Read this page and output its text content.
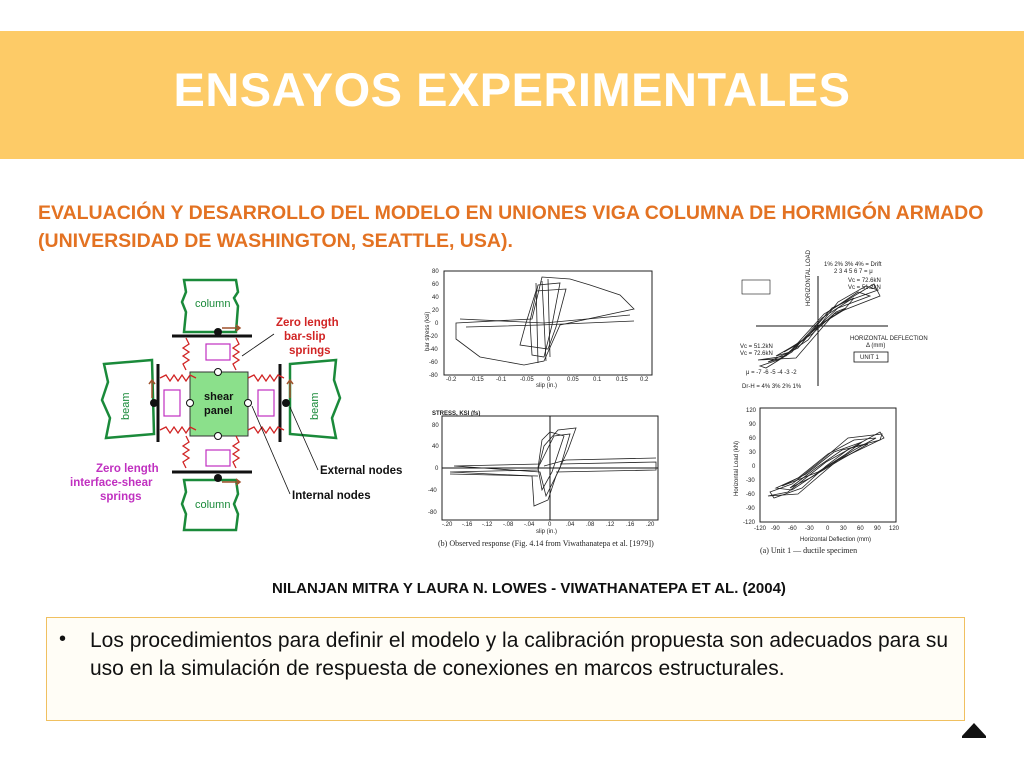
ENSAYOS EXPERIMENTALES

EVALUACIÓN Y DESARROLLO DEL MODELO EN UNIONES VIGA COLUMNA DE HORMIGÓN ARMADO (UNIVERSIDAD DE WASHINGTON, SEATTLE, USA).

column
column
beam	beam
shear
panel
Zero length
bar-slip
springs
Zero length
interface-shear
springs
External nodes
Internal nodes
bar stress (ksi)
slip (in.)
80
60
40
20
0
-20
-40
-60
-80
-0.2 -0.15 -0.1 -0.05 0	0.05 0.1 0.15 0.2
STRESS, KSI (fs)
slip (in.)
(b) Observed response (Fig. 4.14 from Viwathanatepa et al. [1979])
80
40
0
-40
-80
-.20 -.16 -.12 -.08 -.04 0 .04 .08 .12 .16 .20
1% 2% 3% 4% = Drift
2 3 4 5 6 7 = μ
HORIZONTAL LOAD	Vc = 72.6kN
Vc = 51.2kN
Vc = 51.2kN
Vc = 72.6kN
HORIZONTAL DEFLECTION
Δ (mm)
UNIT 1
μ = -7 -6 -5 -4 -3 -2
Dr-H = 4% 3% 2% 1%
Horizontal Load (kN)
Horizontal Deflection (mm)
(a) Unit 1 — ductile specimen
120
90
60
30
0
-30
-60
-90
-120
-120 -90 -60 -30 0 30 60 90 120

NILANJAN MITRA Y LAURA N. LOWES - VIWATHANATEPA ET AL. (2004)

• Los procedimientos para definir el modelo y la calibración propuesta son adecuados para su uso en la simulación de respuesta de conexiones en marcos estructurales.
